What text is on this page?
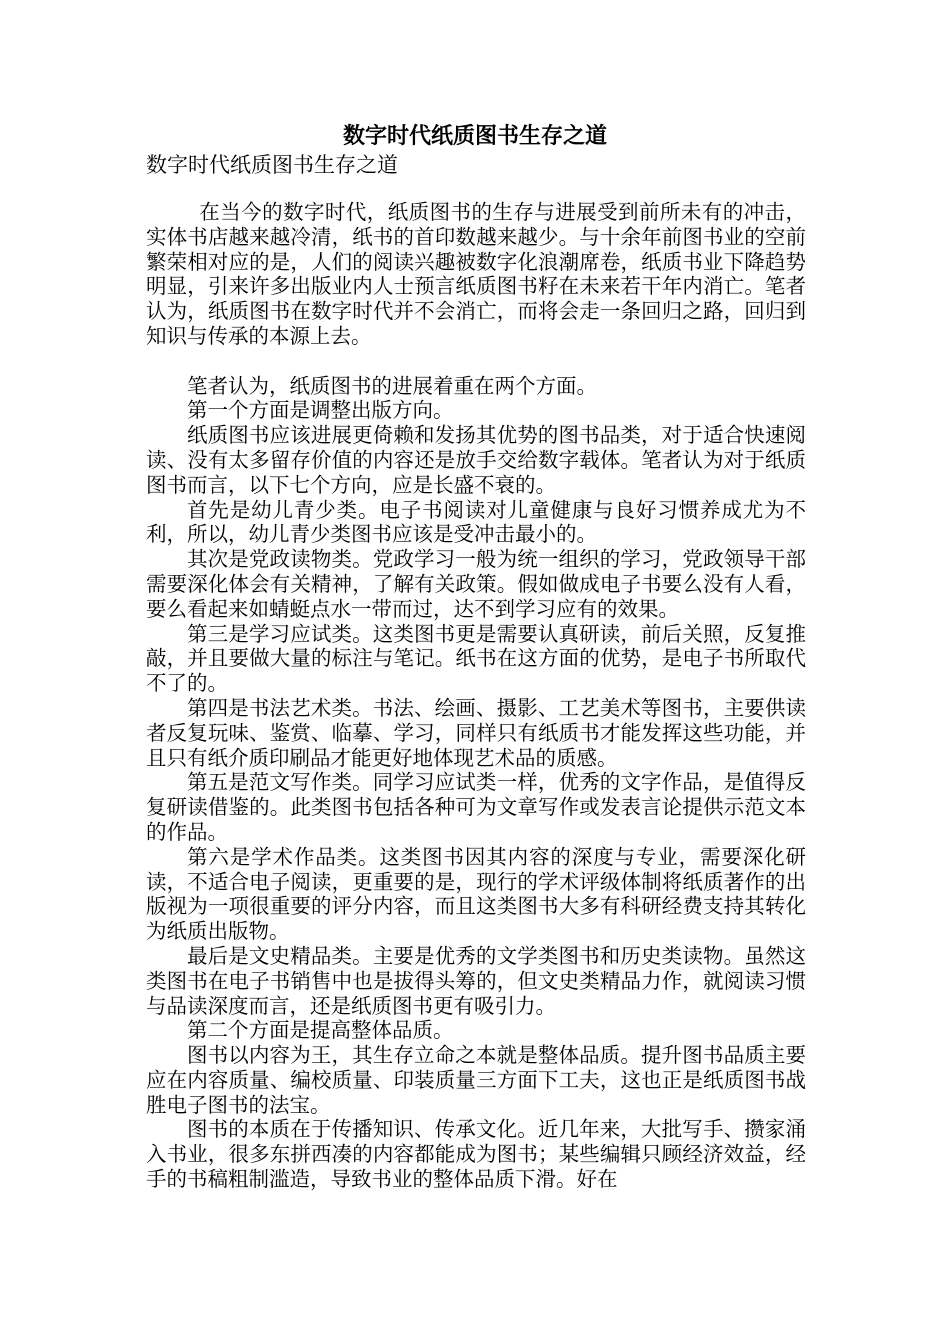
数字时代纸质图书生存之道
数字时代纸质图书生存之道

在当今的数字时代，纸质图书的生存与进展受到前所未有的冲击，实体书店越来越冷清，纸书的首印数越来越少。与十余年前图书业的空前繁荣相对应的是，人们的阅读兴趣被数字化浪潮席卷，纸质书业下降趋势明显，引来许多出版业内人士预言纸质图书籽在未来若干年内消亡。笔者认为，纸质图书在数字时代并不会消亡，而将会走一条回归之路，回归到知识与传承的本源上去。

笔者认为，纸质图书的进展着重在两个方面。

第一个方面是调整出版方向。

纸质图书应该进展更倚赖和发扬其优势的图书品类，对于适合快速阅读、没有太多留存价值的内容还是放手交给数字载体。笔者认为对于纸质图书而言，以下七个方向，应是长盛不衰的。

首先是幼儿青少类。电子书阅读对儿童健康与良好习惯养成尤为不利，所以，幼儿青少类图书应该是受冲击最小的。

其次是党政读物类。党政学习一般为统一组织的学习，党政领导干部需要深化体会有关精神，了解有关政策。假如做成电子书要么没有人看，要么看起来如蜻蜓点水一带而过，达不到学习应有的效果。

第三是学习应试类。这类图书更是需要认真研读，前后关照，反复推敲，并且要做大量的标注与笔记。纸书在这方面的优势，是电子书所取代不了的。

第四是书法艺术类。书法、绘画、摄影、工艺美术等图书，主要供读者反复玩味、鉴赏、临摹、学习，同样只有纸质书才能发挥这些功能，并且只有纸介质印刷品才能更好地体现艺术品的质感。

第五是范文写作类。同学习应试类一样，优秀的文字作品，是值得反复研读借鉴的。此类图书包括各种可为文章写作或发表言论提供示范文本的作品。

第六是学术作品类。这类图书因其内容的深度与专业，需要深化研读，不适合电子阅读，更重要的是，现行的学术评级体制将纸质著作的出版视为一项很重要的评分内容，而且这类图书大多有科研经费支持其转化为纸质出版物。

最后是文史精品类。主要是优秀的文学类图书和历史类读物。虽然这类图书在电子书销售中也是拔得头筹的，但文史类精品力作，就阅读习惯与品读深度而言，还是纸质图书更有吸引力。

第二个方面是提高整体品质。

图书以内容为王，其生存立命之本就是整体品质。提升图书品质主要应在内容质量、编校质量、印装质量三方面下工夫，这也正是纸质图书战胜电子图书的法宝。

图书的本质在于传播知识、传承文化。近几年来，大批写手、攒家涌入书业，很多东拼西凑的内容都能成为图书；某些编辑只顾经济效益，经手的书稿粗制滥造，导致书业的整体品质下滑。好在
